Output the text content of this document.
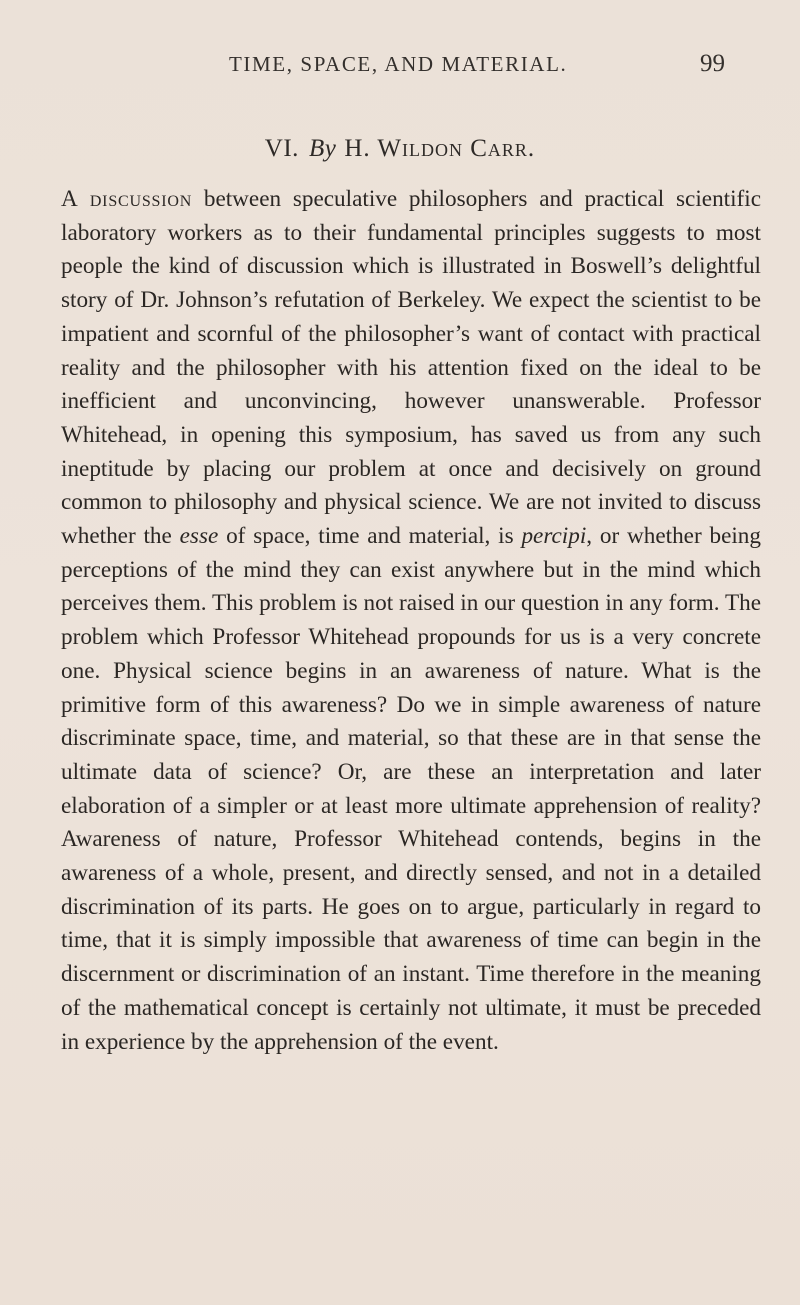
TIME, SPACE, AND MATERIAL.	99
VI. By H. Wildon Carr.

A discussion between speculative philosophers and practical scientific laboratory workers as to their fundamental principles suggests to most people the kind of discussion which is illustrated in Boswell’s delightful story of Dr. Johnson’s refutation of Berkeley. We expect the scientist to be impatient and scornful of the philosopher’s want of contact with practical reality and the philosopher with his attention fixed on the ideal to be inefficient and unconvincing, however unanswerable. Professor Whitehead, in opening this symposium, has saved us from any such ineptitude by placing our problem at once and decisively on ground common to philosophy and physical science. We are not invited to discuss whether the esse of space, time and material, is percipi, or whether being perceptions of the mind they can exist anywhere but in the mind which perceives them. This problem is not raised in our question in any form. The problem which Professor Whitehead propounds for us is a very concrete one. Physical science begins in an awareness of nature. What is the primitive form of this awareness? Do we in simple awareness of nature discriminate space, time, and material, so that these are in that sense the ultimate data of science? Or, are these an interpretation and later elaboration of a simpler or at least more ultimate apprehension of reality? Awareness of nature, Professor Whitehead contends, begins in the awareness of a whole, present, and directly sensed, and not in a detailed discrimination of its parts. He goes on to argue, particularly in regard to time, that it is simply impossible that awareness of time can begin in the discernment or discrimination of an instant. Time therefore in the meaning of the mathematical concept is certainly not ultimate, it must be preceded in experience by the apprehension of the event.
